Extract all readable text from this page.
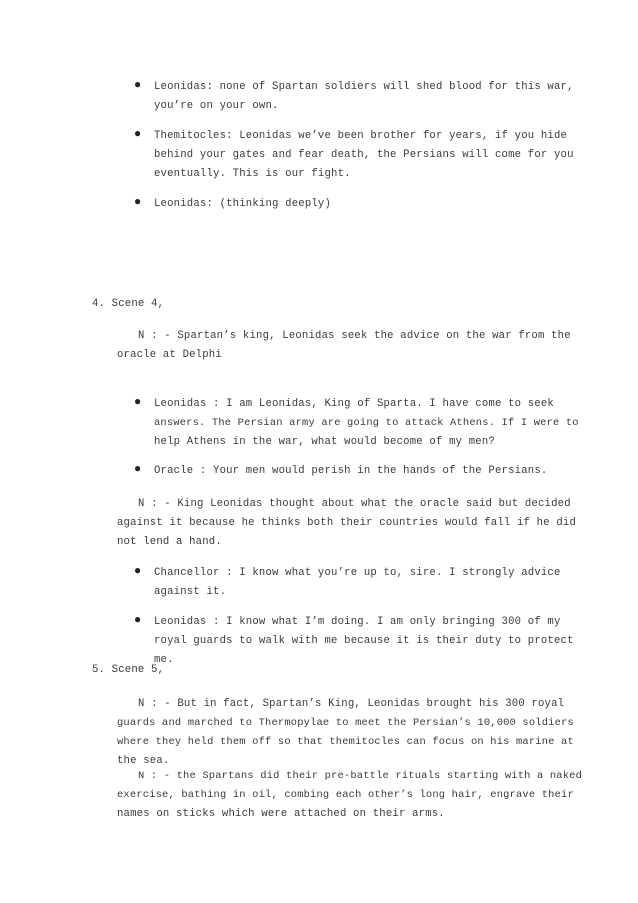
● Leonidas: none of Spartan soldiers will shed blood for this war,
you’re on your own.
● Themitocles: Leonidas we’ve been brother for years, if you hide
behind your gates and fear death, the Persians will come for you
eventually. This is our fight.
● Leonidas: (thinking deeply)
4. Scene 4,
N : - Spartan’s king, Leonidas seek the advice on the war from the
oracle at Delphi
● Leonidas : I am Leonidas, King of Sparta. I have come to seek
answers. The Persian army are going to attack Athens. If I were to
help Athens in the war, what would become of my men?
● Oracle : Your men would perish in the hands of the Persians.
N : - King Leonidas thought about what the oracle said but decided
against it because he thinks both their countries would fall if he did
not lend a hand.
● Chancellor : I know what you’re up to, sire. I strongly advice
against it.
● Leonidas : I know what I’m doing. I am only bringing 300 of my
royal guards to walk with me because it is their duty to protect
me.
5. Scene 5,
N : - But in fact, Spartan’s King, Leonidas brought his 300 royal
guards and marched to Thermopylae to meet the Persian’s 10,000 soldiers
where they held them off so that themitocles can focus on his marine at
the sea.
N : - the Spartans did their pre-battle rituals starting with a naked
exercise, bathing in oil, combing each other’s long hair, engrave their
names on sticks which were attached on their arms.
